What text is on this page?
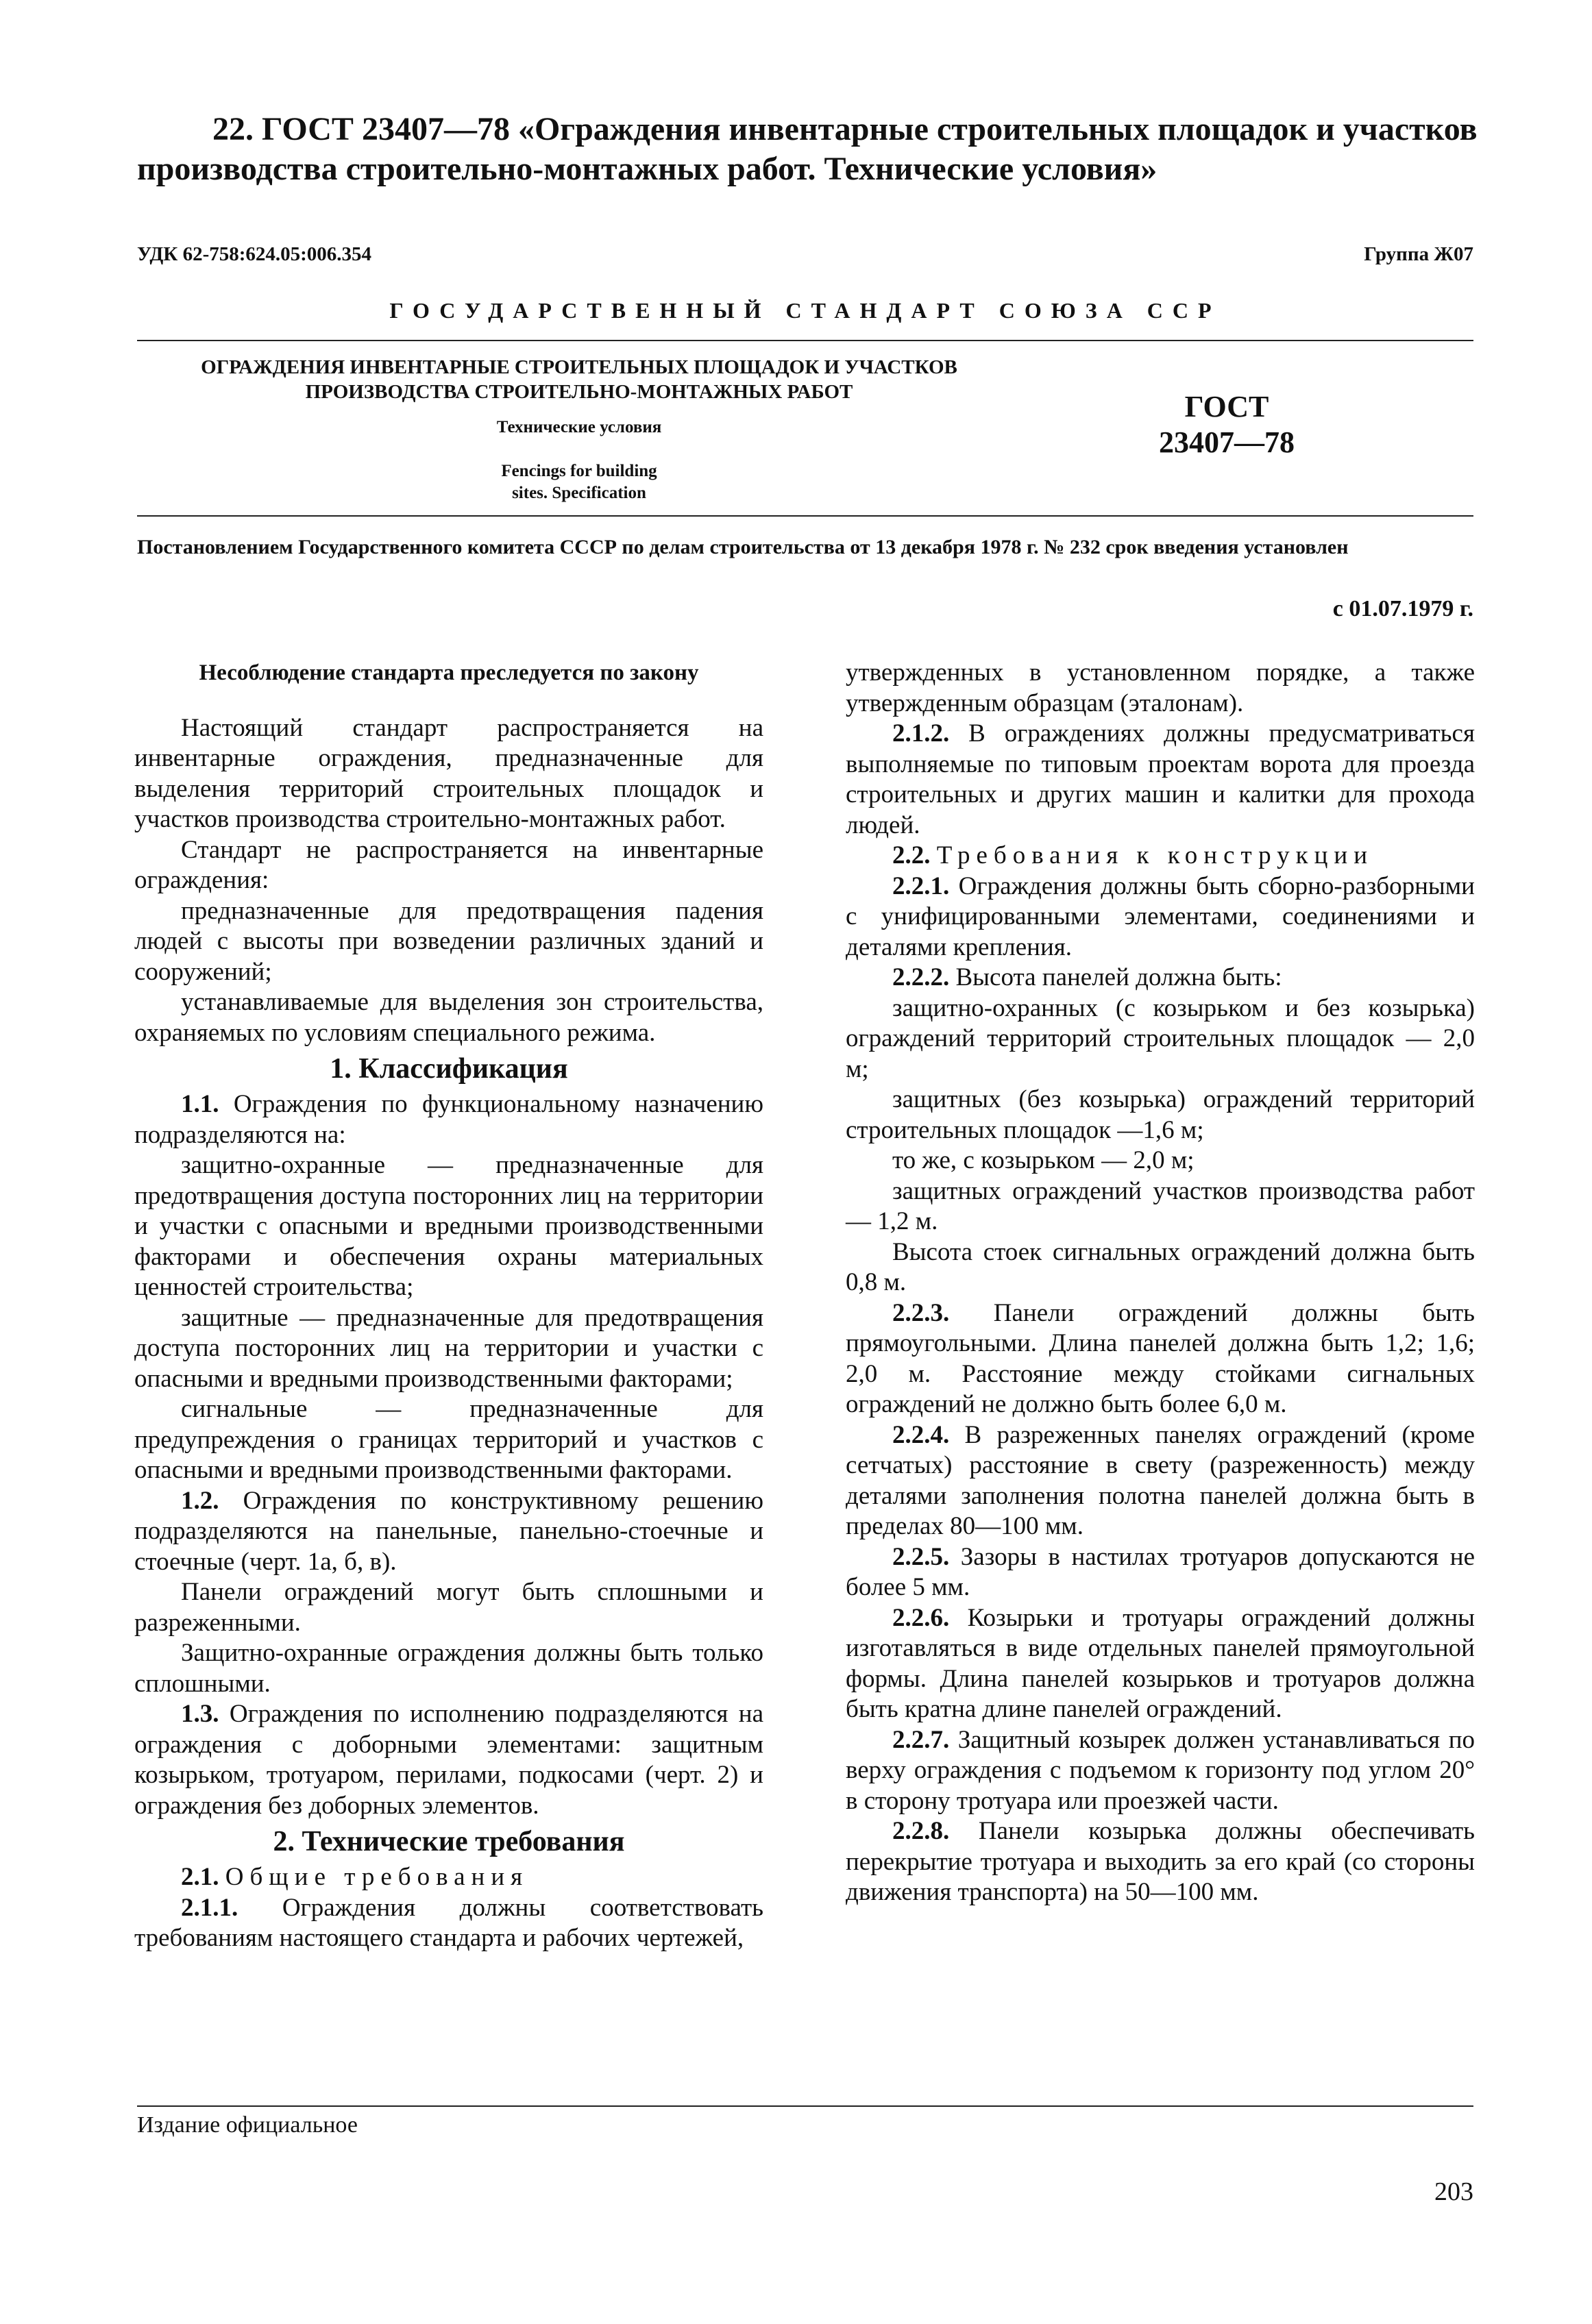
22. ГОСТ 23407—78 «Ограждения инвентарные строительных площадок и участков производства строительно-монтажных работ. Технические условия»
УДК 62-758:624.05:006.354	Группа Ж07
ГОСУДАРСТВЕННЫЙ СТАНДАРТ СОЮЗА ССР
ОГРАЖДЕНИЯ ИНВЕНТАРНЫЕ СТРОИТЕЛЬНЫХ ПЛОЩАДОК И УЧАСТКОВ
ПРОИЗВОДСТВА СТРОИТЕЛЬНО-МОНТАЖНЫХ РАБОТ
Технические условия
Fencings for building
sites. Specification
ГОСТ
23407—78
Постановлением Государственного комитета СССР по делам строительства от 13 декабря 1978 г. № 232 срок введения установлен
с 01.07.1979 г.

Несоблюдение стандарта преследуется по закону

Настоящий стандарт распространяется на инвентарные ограждения, предназначенные для выделения территорий строительных площадок и участков производства строительно-монтажных работ.

Стандарт не распространяется на инвентарные ограждения:

предназначенные для предотвращения падения людей с высоты при возведении различных зданий и сооружений;

устанавливаемые для выделения зон строительства, охраняемых по условиям специального режима.

1. Классификация

1.1. Ограждения по функциональному назначению подразделяются на:

защитно-охранные — предназначенные для предотвращения доступа посторонних лиц на территории и участки с опасными и вредными производственными факторами и обеспечения охраны материальных ценностей строительства;

защитные — предназначенные для предотвращения доступа посторонних лиц на территории и участки с опасными и вредными производственными факторами;

сигнальные — предназначенные для предупреждения о границах территорий и участков с опасными и вредными производственными факторами.

1.2. Ограждения по конструктивному решению подразделяются на панельные, панельно-стоечные и стоечные (черт. 1а, б, в).

Панели ограждений могут быть сплошными и разреженными.

Защитно-охранные ограждения должны быть только сплошными.

1.3. Ограждения по исполнению подразделяются на ограждения с доборными элементами: защитным козырьком, тротуаром, перилами, подкосами (черт. 2) и ограждения без доборных элементов.

2. Технические требования

2.1. Общие требования

2.1.1. Ограждения должны соответствовать требованиям настоящего стандарта и рабочих чертежей,

утвержденных в установленном порядке, а также утвержденным образцам (эталонам).

2.1.2. В ограждениях должны предусматриваться выполняемые по типовым проектам ворота для проезда строительных и других машин и калитки для прохода людей.

2.2. Требования к конструкции

2.2.1. Ограждения должны быть сборно-разборными с унифицированными элементами, соединениями и деталями крепления.

2.2.2. Высота панелей должна быть:

защитно-охранных (с козырьком и без козырька) ограждений территорий строительных площадок — 2,0 м;

защитных (без козырька) ограждений территорий строительных площадок —1,6 м;

то же, с козырьком — 2,0 м;

защитных ограждений участков производства работ — 1,2 м.

Высота стоек сигнальных ограждений должна быть 0,8 м.

2.2.3. Панели ограждений должны быть прямоугольными. Длина панелей должна быть 1,2; 1,6; 2,0 м. Расстояние между стойками сигнальных ограждений не должно быть более 6,0 м.

2.2.4. В разреженных панелях ограждений (кроме сетчатых) расстояние в свету (разреженность) между деталями заполнения полотна панелей должна быть в пределах 80—100 мм.

2.2.5. Зазоры в настилах тротуаров допускаются не более 5 мм.

2.2.6. Козырьки и тротуары ограждений должны изготавляться в виде отдельных панелей прямоугольной формы. Длина панелей козырьков и тротуаров должна быть кратна длине панелей ограждений.

2.2.7. Защитный козырек должен устанавливаться по верху ограждения с подъемом к горизонту под углом 20° в сторону тротуара или проезжей части.

2.2.8. Панели козырька должны обеспечивать перекрытие тротуара и выходить за его край (со стороны движения транспорта) на 50—100 мм.

Издание официальное
203
